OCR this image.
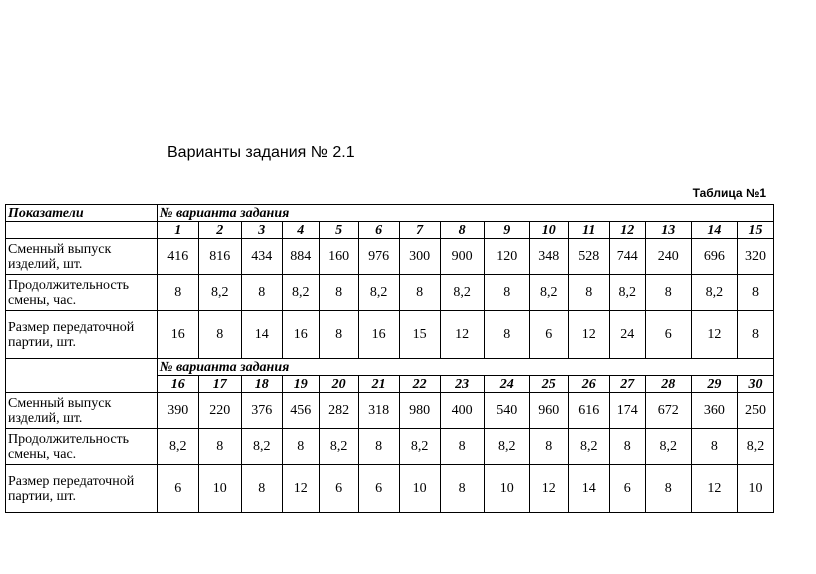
Варианты задания № 2.1
Таблица №1
Показатели	№ варианта задания														
	1	2	3	4	5	6	7	8	9	10	11	12	13	14	15
Сменный выпуск изделий, шт.	416	816	434	884	160	976	300	900	120	348	528	744	240	696	320
Продолжительность смены, час.	8	8,2	8	8,2	8	8,2	8	8,2	8	8,2	8	8,2	8	8,2	8
Размер передаточной партии, шт.	16	8	14	16	8	16	15	12	8	6	12	24	6	12	8
	№ варианта задания														
	16	17	18	19	20	21	22	23	24	25	26	27	28	29	30
Сменный выпуск изделий, шт.	390	220	376	456	282	318	980	400	540	960	616	174	672	360	250
Продолжительность смены, час.	8,2	8	8,2	8	8,2	8	8,2	8	8,2	8	8,2	8	8,2	8	8,2
Размер передаточной партии, шт.	6	10	8	12	6	6	10	8	10	12	14	6	8	12	10
